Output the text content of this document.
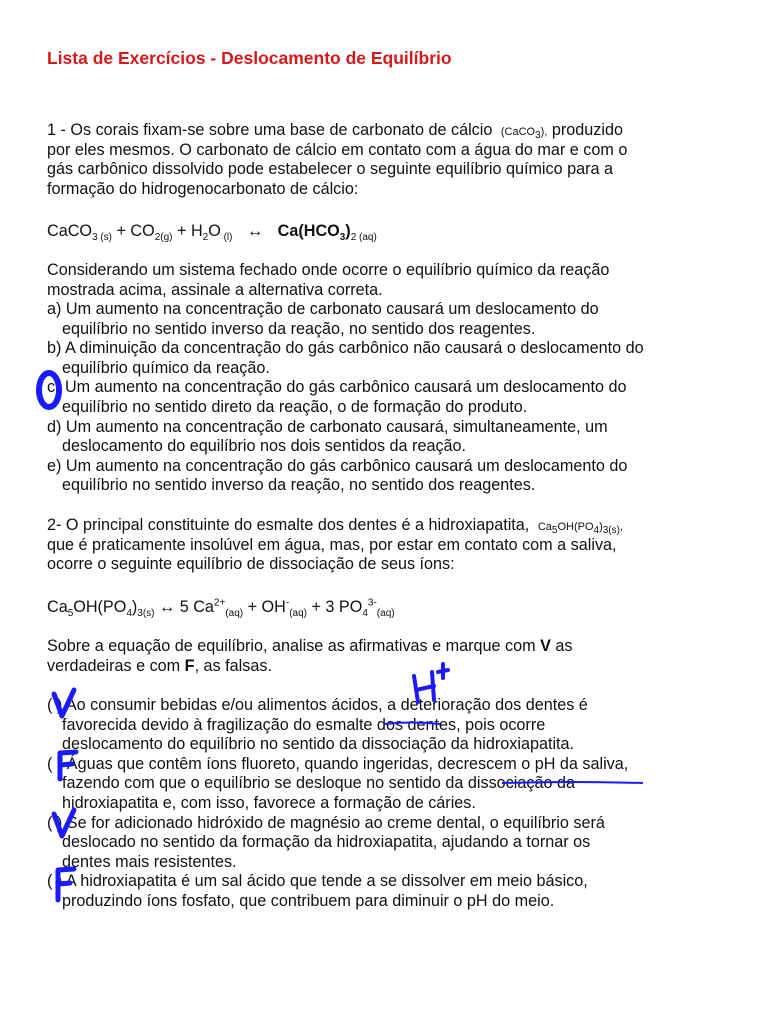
Lista de Exercícios - Deslocamento de Equilíbrio
1 - Os corais fixam-se sobre uma base de carbonato de cálcio (CaCO$_3$), produzido
por eles mesmos. O carbonato de cálcio em contato com a água do mar e com o
gás carbônico dissolvido pode estabelecer o seguinte equilíbrio químico para a
formação do hidrogenocarbonato de cálcio:
CaCO$_{3 (s)}$ + $CO_{2(g)} + H_2O$ $_{(l)}$ ↔ $Ca(HCO_3)_{2 (aq)}$
Considerando um sistema fechado onde ocorre o equilíbrio químico da reação
mostrada acima, assinale a alternativa correta.
a) Um aumento na concentração de carbonato causará um deslocamento do
equilíbrio no sentido inverso da reação, no sentido dos reagentes.
b) A diminuição da concentração do gás carbônico não causará o deslocamento do
equilíbrio químico da reação.
c) Um aumento na concentração do gás carbônico causará um deslocamento do
equilíbrio no sentido direto da reação, o de formação do produto.
d) Um aumento na concentração de carbonato causará, simultaneamente, um
deslocamento do equilíbrio nos dois sentidos da reação.
e) Um aumento na concentração do gás carbônico causará um deslocamento do
equilíbrio no sentido inverso da reação, no sentido dos reagentes.
2- O principal constituinte do esmalte dos dentes é a hidroxiapatita, $Ca_5OH(PO_4)_{3(s)}$,
que é praticamente insolúvel em água, mas, por estar em contato com a saliva,
ocorre o seguinte equilíbrio de dissociação de seus íons:
$Ca_5OH(PO_4)_{3(s)}$ ↔ 5 $Ca^{2+}_{(aq)} + OH^-_{(aq)} + 3$ $PO_4^{3-}_{(aq)}$
Sobre a equação de equilíbrio, analise as afirmativas e marque com V as
verdadeiras e com F, as falsas.
( ) Ao consumir bebidas e/ou alimentos ácidos, a deterioração dos dentes é
favorecida devido à fragilização do esmalte dos dentes, pois ocorre
deslocamento do equilíbrio no sentido da dissociação da hidroxiapatita.
( ) Águas que contêm íons fluoreto, quando ingeridas, decrescem o pH da saliva,
fazendo com que o equilíbrio se desloque no sentido da dissociação da
hidroxiapatita e, com isso, favorece a formação de cáries.
( ) Se for adicionado hidróxido de magnésio ao creme dental, o equilíbrio será
deslocado no sentido da formação da hidroxiapatita, ajudando a tornar os
dentes mais resistentes.
( ) A hidroxiapatita é um sal ácido que tende a se dissolver em meio básico,
produzindo íons fosfato, que contribuem para diminuir o pH do meio.
